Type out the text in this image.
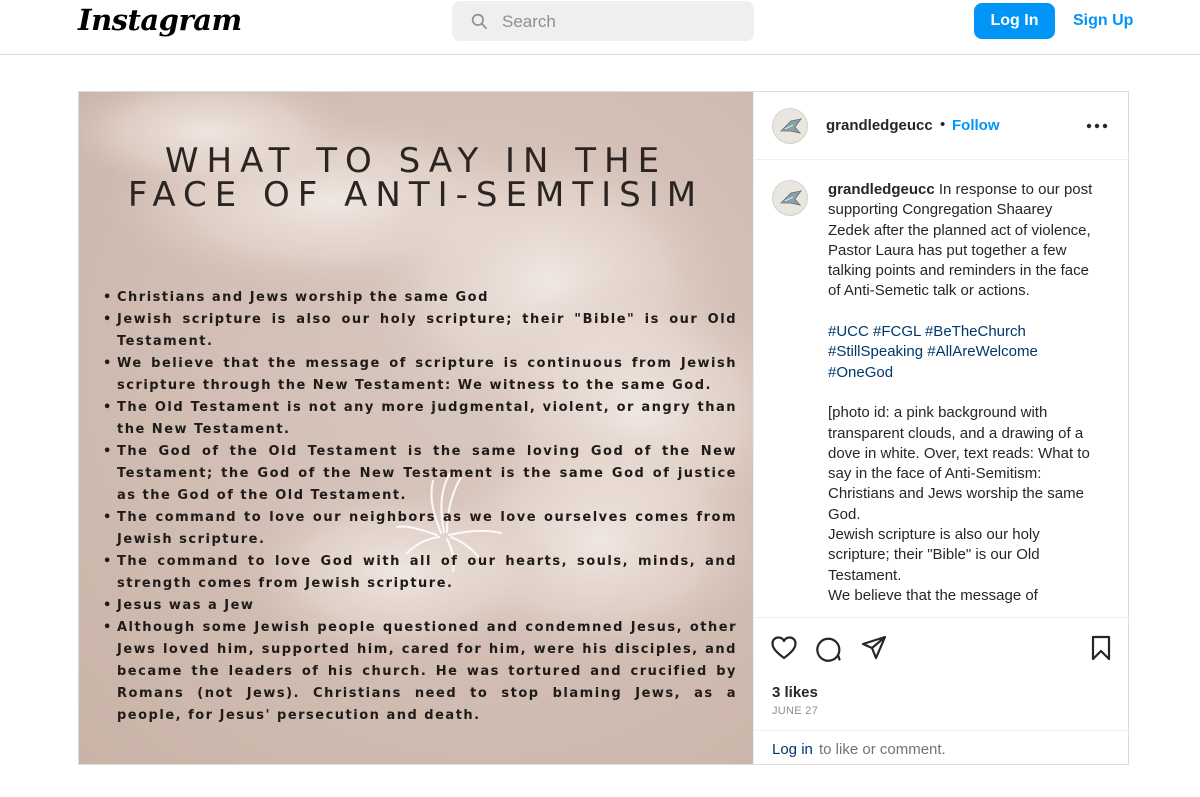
Instagram
Search	Log In	Sign Up
WHAT TO SAY IN THE
FACE OF ANTI-SEMTISIM
• Christians and Jews worship the same God
• Jewish scripture is also our holy scripture; their "Bible" is our Old Testament.
• We believe that the message of scripture is continuous from Jewish scripture through the New Testament: We witness to the same God.
• The Old Testament is not any more judgmental, violent, or angry than the New Testament.
• The God of the Old Testament is the same loving God of the New Testament; the God of the New Testament is the same God of justice as the God of the Old Testament.
• The command to love our neighbors as we love ourselves comes from Jewish scripture.
• The command to love God with all of our hearts, souls, minds, and strength comes from Jewish scripture.
• Jesus was a Jew
• Although some Jewish people questioned and condemned Jesus, other Jews loved him, supported him, cared for him, were his disciples, and became the leaders of his church. He was tortured and crucified by Romans (not Jews). Christians need to stop blaming Jews, as a people, for Jesus' persecution and death.
grandledgeucc • Follow
grandledgeucc In response to our post supporting Congregation Shaarey Zedek after the planned act of violence, Pastor Laura has put together a few talking points and reminders in the face of Anti-Semetic talk or actions.

#UCC #FCGL #BeTheChurch #StillSpeaking #AllAreWelcome #OneGod

[photo id: a pink background with transparent clouds, and a drawing of a dove in white. Over, text reads: What to say in the face of Anti-Semitism: Christians and Jews worship the same God.
Jewish scripture is also our holy scripture; their "Bible" is our Old Testament.
We believe that the message of
3 likes
JUNE 27
Log in to like or comment.
